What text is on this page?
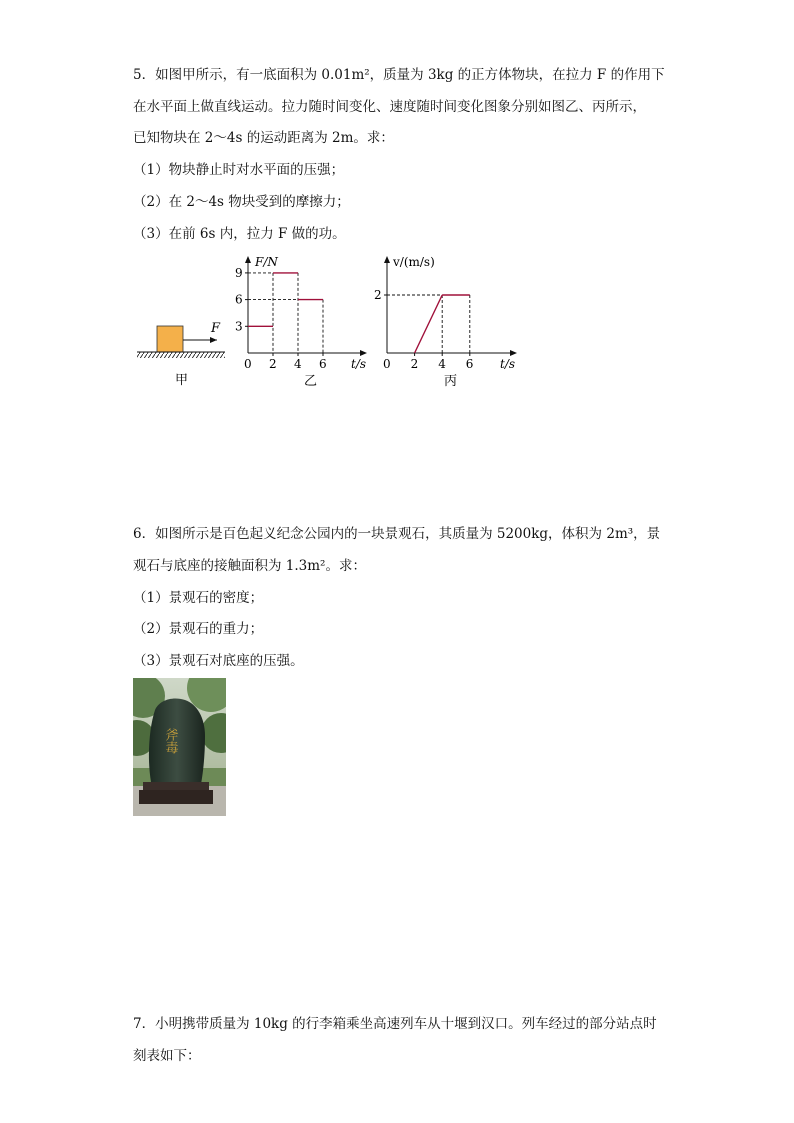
5．如图甲所示，有一底面积为 0.01m²，质量为 3kg 的正方体物块，在拉力 F 的作用下
在水平面上做直线运动。拉力随时间变化、速度随时间变化图象分别如图乙、丙所示，
已知物块在 2～4s 的运动距离为 2m。求：
（1）物块静止时对水平面的压强；
（2）在 2～4s 物块受到的摩擦力；
（3）在前 6s 内，拉力 F 做的功。
F
甲
F/N
t/s
0
3
6
9
2 4 6
乙
v/(m/s)
t/s
0
2
2 4 6
丙
6．如图所示是百色起义纪念公园内的一块景观石，其质量为 5200kg，体积为 2m³，景
观石与底座的接触面积为 1.3m²。求：
（1）景观石的密度；
（2）景观石的重力；
（3）景观石对底座的压强。
斧毒
7．小明携带质量为 10kg 的行李箱乘坐高速列车从十堰到汉口。列车经过的部分站点时
刻表如下：
